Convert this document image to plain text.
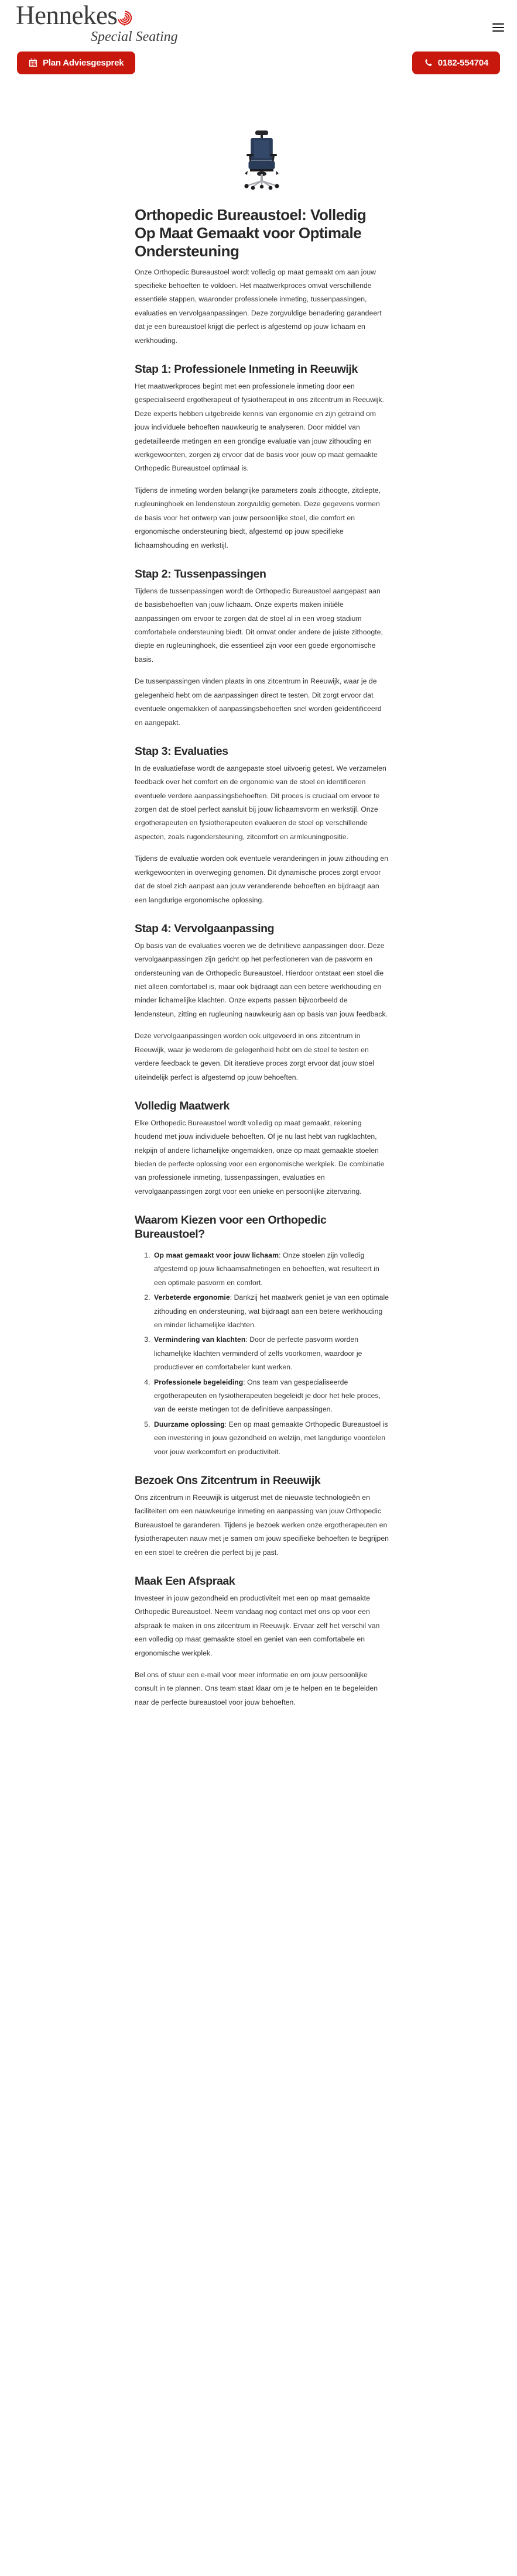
Hennekes
Special Seating
Plan Adviesgesprek	0182-554704
Orthopedic Bureaustoel: Volledig Op Maat Gemaakt voor Optimale Ondersteuning

Onze Orthopedic Bureaustoel wordt volledig op maat gemaakt om aan jouw specifieke behoeften te voldoen. Het maatwerkproces omvat verschillende essentiële stappen, waaronder professionele inmeting, tussenpassingen, evaluaties en vervolgaanpassingen. Deze zorgvuldige benadering garandeert dat je een bureaustoel krijgt die perfect is afgestemd op jouw lichaam en werkhouding.

Stap 1: Professionele Inmeting in Reeuwijk

Het maatwerkproces begint met een professionele inmeting door een gespecialiseerd ergotherapeut of fysiotherapeut in ons zitcentrum in Reeuwijk. Deze experts hebben uitgebreide kennis van ergonomie en zijn getraind om jouw individuele behoeften nauwkeurig te analyseren. Door middel van gedetailleerde metingen en een grondige evaluatie van jouw zithouding en werkgewoonten, zorgen zij ervoor dat de basis voor jouw op maat gemaakte Orthopedic Bureaustoel optimaal is.

Tijdens de inmeting worden belangrijke parameters zoals zithoogte, zitdiepte, rugleuninghoek en lendensteun zorgvuldig gemeten. Deze gegevens vormen de basis voor het ontwerp van jouw persoonlijke stoel, die comfort en ergonomische ondersteuning biedt, afgestemd op jouw specifieke lichaamshouding en werkstijl.

Stap 2: Tussenpassingen

Tijdens de tussenpassingen wordt de Orthopedic Bureaustoel aangepast aan de basisbehoeften van jouw lichaam. Onze experts maken initiële aanpassingen om ervoor te zorgen dat de stoel al in een vroeg stadium comfortabele ondersteuning biedt. Dit omvat onder andere de juiste zithoogte, diepte en rugleuninghoek, die essentieel zijn voor een goede ergonomische basis.

De tussenpassingen vinden plaats in ons zitcentrum in Reeuwijk, waar je de gelegenheid hebt om de aanpassingen direct te testen. Dit zorgt ervoor dat eventuele ongemakken of aanpassingsbehoeften snel worden geïdentificeerd en aangepakt.

Stap 3: Evaluaties

In de evaluatiefase wordt de aangepaste stoel uitvoerig getest. We verzamelen feedback over het comfort en de ergonomie van de stoel en identificeren eventuele verdere aanpassingsbehoeften. Dit proces is cruciaal om ervoor te zorgen dat de stoel perfect aansluit bij jouw lichaamsvorm en werkstijl. Onze ergotherapeuten en fysiotherapeuten evalueren de stoel op verschillende aspecten, zoals rugondersteuning, zitcomfort en armleuningpositie.

Tijdens de evaluatie worden ook eventuele veranderingen in jouw zithouding en werkgewoonten in overweging genomen. Dit dynamische proces zorgt ervoor dat de stoel zich aanpast aan jouw veranderende behoeften en bijdraagt aan een langdurige ergonomische oplossing.

Stap 4: Vervolgaanpassing

Op basis van de evaluaties voeren we de definitieve aanpassingen door. Deze vervolgaanpassingen zijn gericht op het perfectioneren van de pasvorm en ondersteuning van de Orthopedic Bureaustoel. Hierdoor ontstaat een stoel die niet alleen comfortabel is, maar ook bijdraagt aan een betere werkhouding en minder lichamelijke klachten. Onze experts passen bijvoorbeeld de lendensteun, zitting en rugleuning nauwkeurig aan op basis van jouw feedback.

Deze vervolgaanpassingen worden ook uitgevoerd in ons zitcentrum in Reeuwijk, waar je wederom de gelegenheid hebt om de stoel te testen en verdere feedback te geven. Dit iteratieve proces zorgt ervoor dat jouw stoel uiteindelijk perfect is afgestemd op jouw behoeften.

Volledig Maatwerk

Elke Orthopedic Bureaustoel wordt volledig op maat gemaakt, rekening houdend met jouw individuele behoeften. Of je nu last hebt van rugklachten, nekpijn of andere lichamelijke ongemakken, onze op maat gemaakte stoelen bieden de perfecte oplossing voor een ergonomische werkplek. De combinatie van professionele inmeting, tussenpassingen, evaluaties en vervolgaanpassingen zorgt voor een unieke en persoonlijke zitervaring.

Waarom Kiezen voor een Orthopedic Bureaustoel?
1. Op maat gemaakt voor jouw lichaam: Onze stoelen zijn volledig afgestemd op jouw lichaamsafmetingen en behoeften, wat resulteert in een optimale pasvorm en comfort.
2. Verbeterde ergonomie: Dankzij het maatwerk geniet je van een optimale zithouding en ondersteuning, wat bijdraagt aan een betere werkhouding en minder lichamelijke klachten.
3. Vermindering van klachten: Door de perfecte pasvorm worden lichamelijke klachten verminderd of zelfs voorkomen, waardoor je productiever en comfortabeler kunt werken.
4. Professionele begeleiding: Ons team van gespecialiseerde ergotherapeuten en fysiotherapeuten begeleidt je door het hele proces, van de eerste metingen tot de definitieve aanpassingen.
5. Duurzame oplossing: Een op maat gemaakte Orthopedic Bureaustoel is een investering in jouw gezondheid en welzijn, met langdurige voordelen voor jouw werkcomfort en productiviteit.
Bezoek Ons Zitcentrum in Reeuwijk

Ons zitcentrum in Reeuwijk is uitgerust met de nieuwste technologieën en faciliteiten om een nauwkeurige inmeting en aanpassing van jouw Orthopedic Bureaustoel te garanderen. Tijdens je bezoek werken onze ergotherapeuten en fysiotherapeuten nauw met je samen om jouw specifieke behoeften te begrijpen en een stoel te creëren die perfect bij je past.

Maak Een Afspraak

Investeer in jouw gezondheid en productiviteit met een op maat gemaakte Orthopedic Bureaustoel. Neem vandaag nog contact met ons op voor een afspraak te maken in ons zitcentrum in Reeuwijk. Ervaar zelf het verschil van een volledig op maat gemaakte stoel en geniet van een comfortabele en ergonomische werkplek.

Bel ons of stuur een e-mail voor meer informatie en om jouw persoonlijke consult in te plannen. Ons team staat klaar om je te helpen en te begeleiden naar de perfecte bureaustoel voor jouw behoeften.
